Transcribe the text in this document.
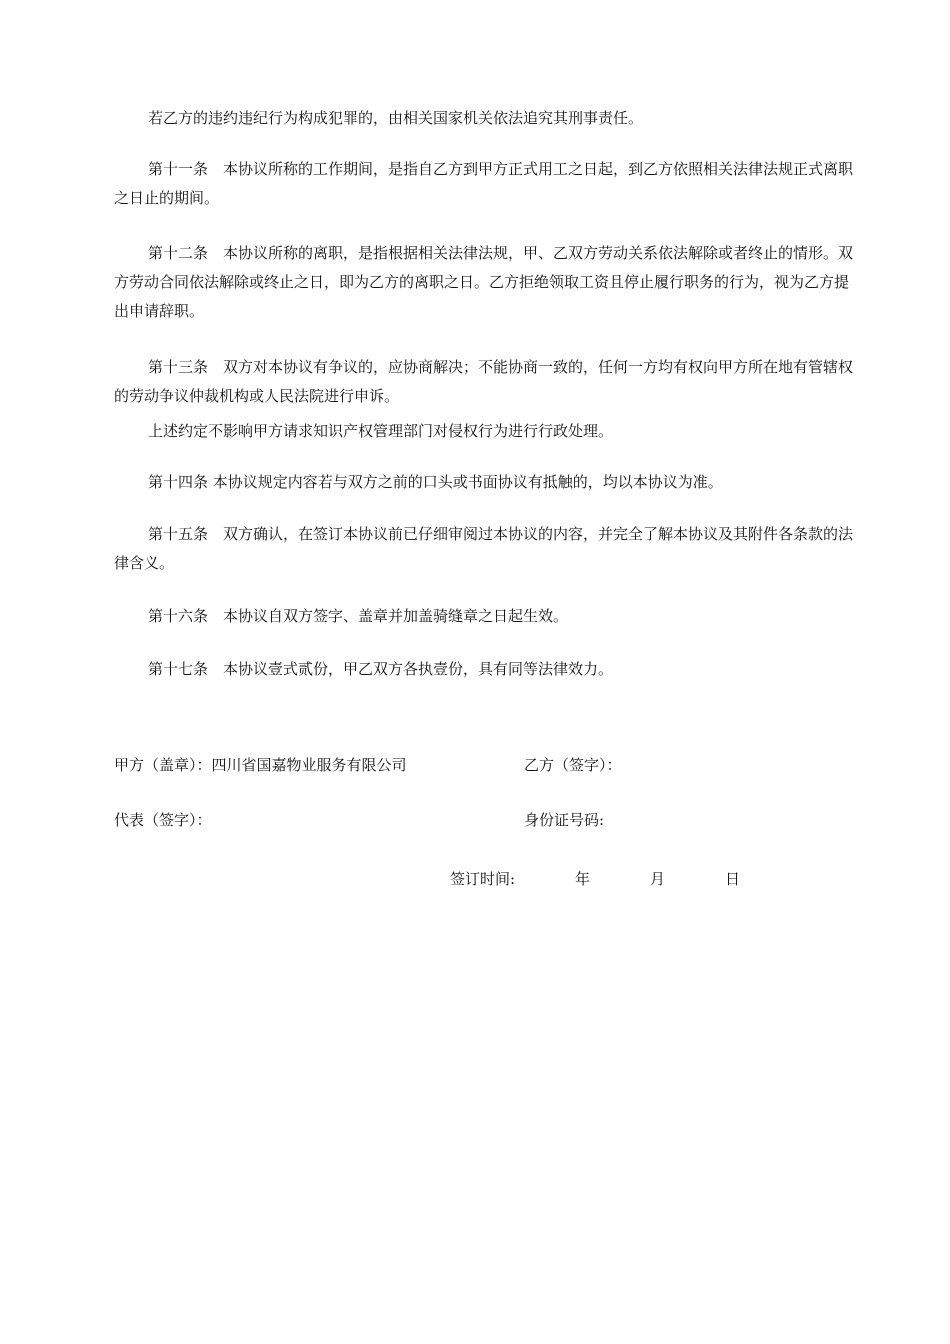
若乙方的违约违纪行为构成犯罪的，由相关国家机关依法追究其刑事责任。

第十一条　本协议所称的工作期间，是指自乙方到甲方正式用工之日起，到乙方依照相关法律法规正式离职之日止的期间。

第十二条　本协议所称的离职，是指根据相关法律法规，甲、乙双方劳动关系依法解除或者终止的情形。双方劳动合同依法解除或终止之日，即为乙方的离职之日。乙方拒绝领取工资且停止履行职务的行为，视为乙方提出申请辞职。

第十三条　双方对本协议有争议的，应协商解决；不能协商一致的，任何一方均有权向甲方所在地有管辖权的劳动争议仲裁机构或人民法院进行申诉。

上述约定不影响甲方请求知识产权管理部门对侵权行为进行行政处理。

第十四条 本协议规定内容若与双方之前的口头或书面协议有抵触的，均以本协议为准。

第十五条　双方确认，在签订本协议前已仔细审阅过本协议的内容，并完全了解本协议及其附件各条款的法律含义。

第十六条　本协议自双方签字、盖章并加盖骑缝章之日起生效。

第十七条　本协议壹式贰份，甲乙双方各执壹份，具有同等法律效力。

甲方（盖章）：四川省国嘉物业服务有限公司	乙方（签字）：

代表（签字）：	身份证号码:

签订时间:	年	月	日
